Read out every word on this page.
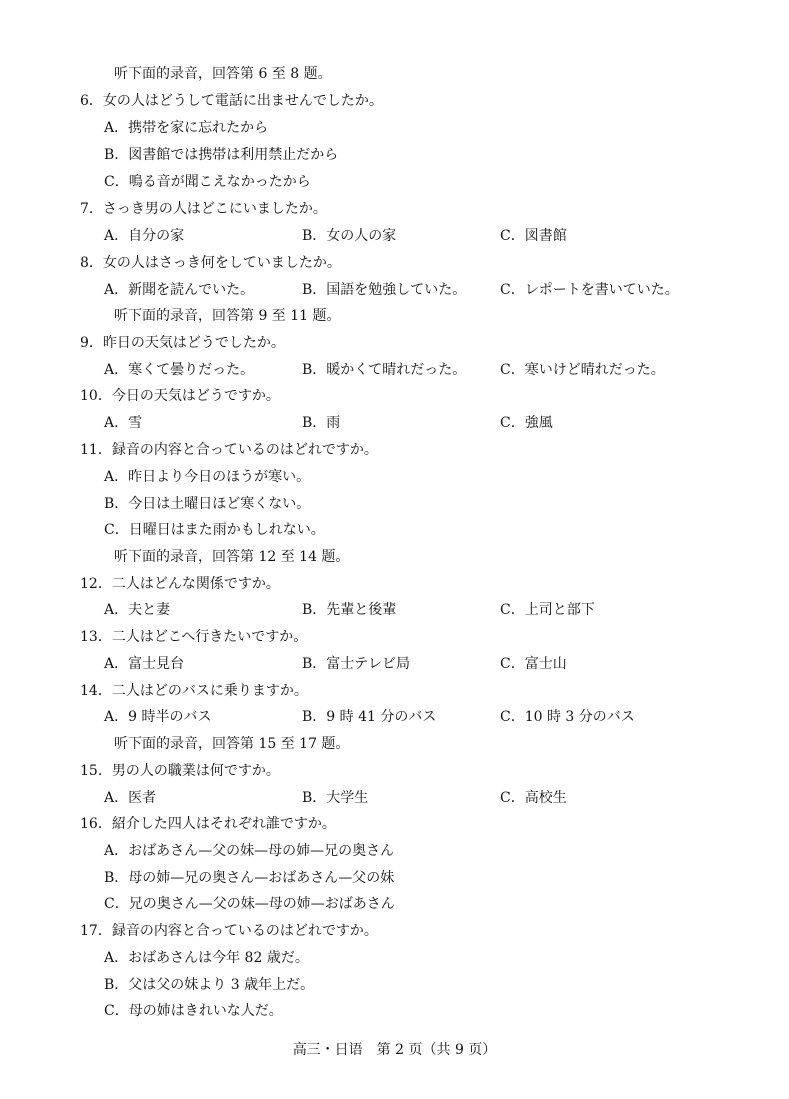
听下面的录音，回答第 6 至 8 题。
6．女の人はどうして電話に出ませんでしたか。
A．携帯を家に忘れたから
B．図書館では携帯は利用禁止だから
C．鳴る音が聞こえなかったから
7．さっき男の人はどこにいましたか。
A．自分の家	B．女の人の家	C．図書館
8．女の人はさっき何をしていましたか。
A．新聞を読んでいた。	B．国語を勉強していた。 C．レポートを書いていた。
听下面的录音，回答第 9 至 11 题。
9．昨日の天気はどうでしたか。
A．寒くて曇りだった。	B．暖かくて晴れだった。 C．寒いけど晴れだった。
10．今日の天気はどうですか。
A．雪	B．雨	C．強風
11．録音の内容と合っているのはどれですか。
A．昨日より今日のほうが寒い。
B．今日は土曜日ほど寒くない。
C．日曜日はまた雨かもしれない。
听下面的录音，回答第 12 至 14 题。
12．二人はどんな関係ですか。
A．夫と妻	B．先輩と後輩	C．上司と部下
13．二人はどこへ行きたいですか。
A．富士見台	B．富士テレビ局	C．富士山
14．二人はどのバスに乗りますか。
A．9 時半のバス	B．9 時 41 分のバス	C．10 時 3 分のバス
听下面的录音，回答第 15 至 17 题。
15．男の人の職業は何ですか。
A．医者	B．大学生	C．高校生
16．紹介した四人はそれぞれ誰ですか。
A．おばあさん—父の妹—母の姉—兄の奥さん
B．母の姉—兄の奥さん—おばあさん—父の妹
C．兄の奥さん—父の妹—母の姉—おばあさん
17．録音の内容と合っているのはどれですか。
A．おばあさんは今年 82 歳だ。
B．父は父の妹より 3 歳年上だ。
C．母の姉はきれいな人だ。
高三・日语　第 2 页（共 9 页）
